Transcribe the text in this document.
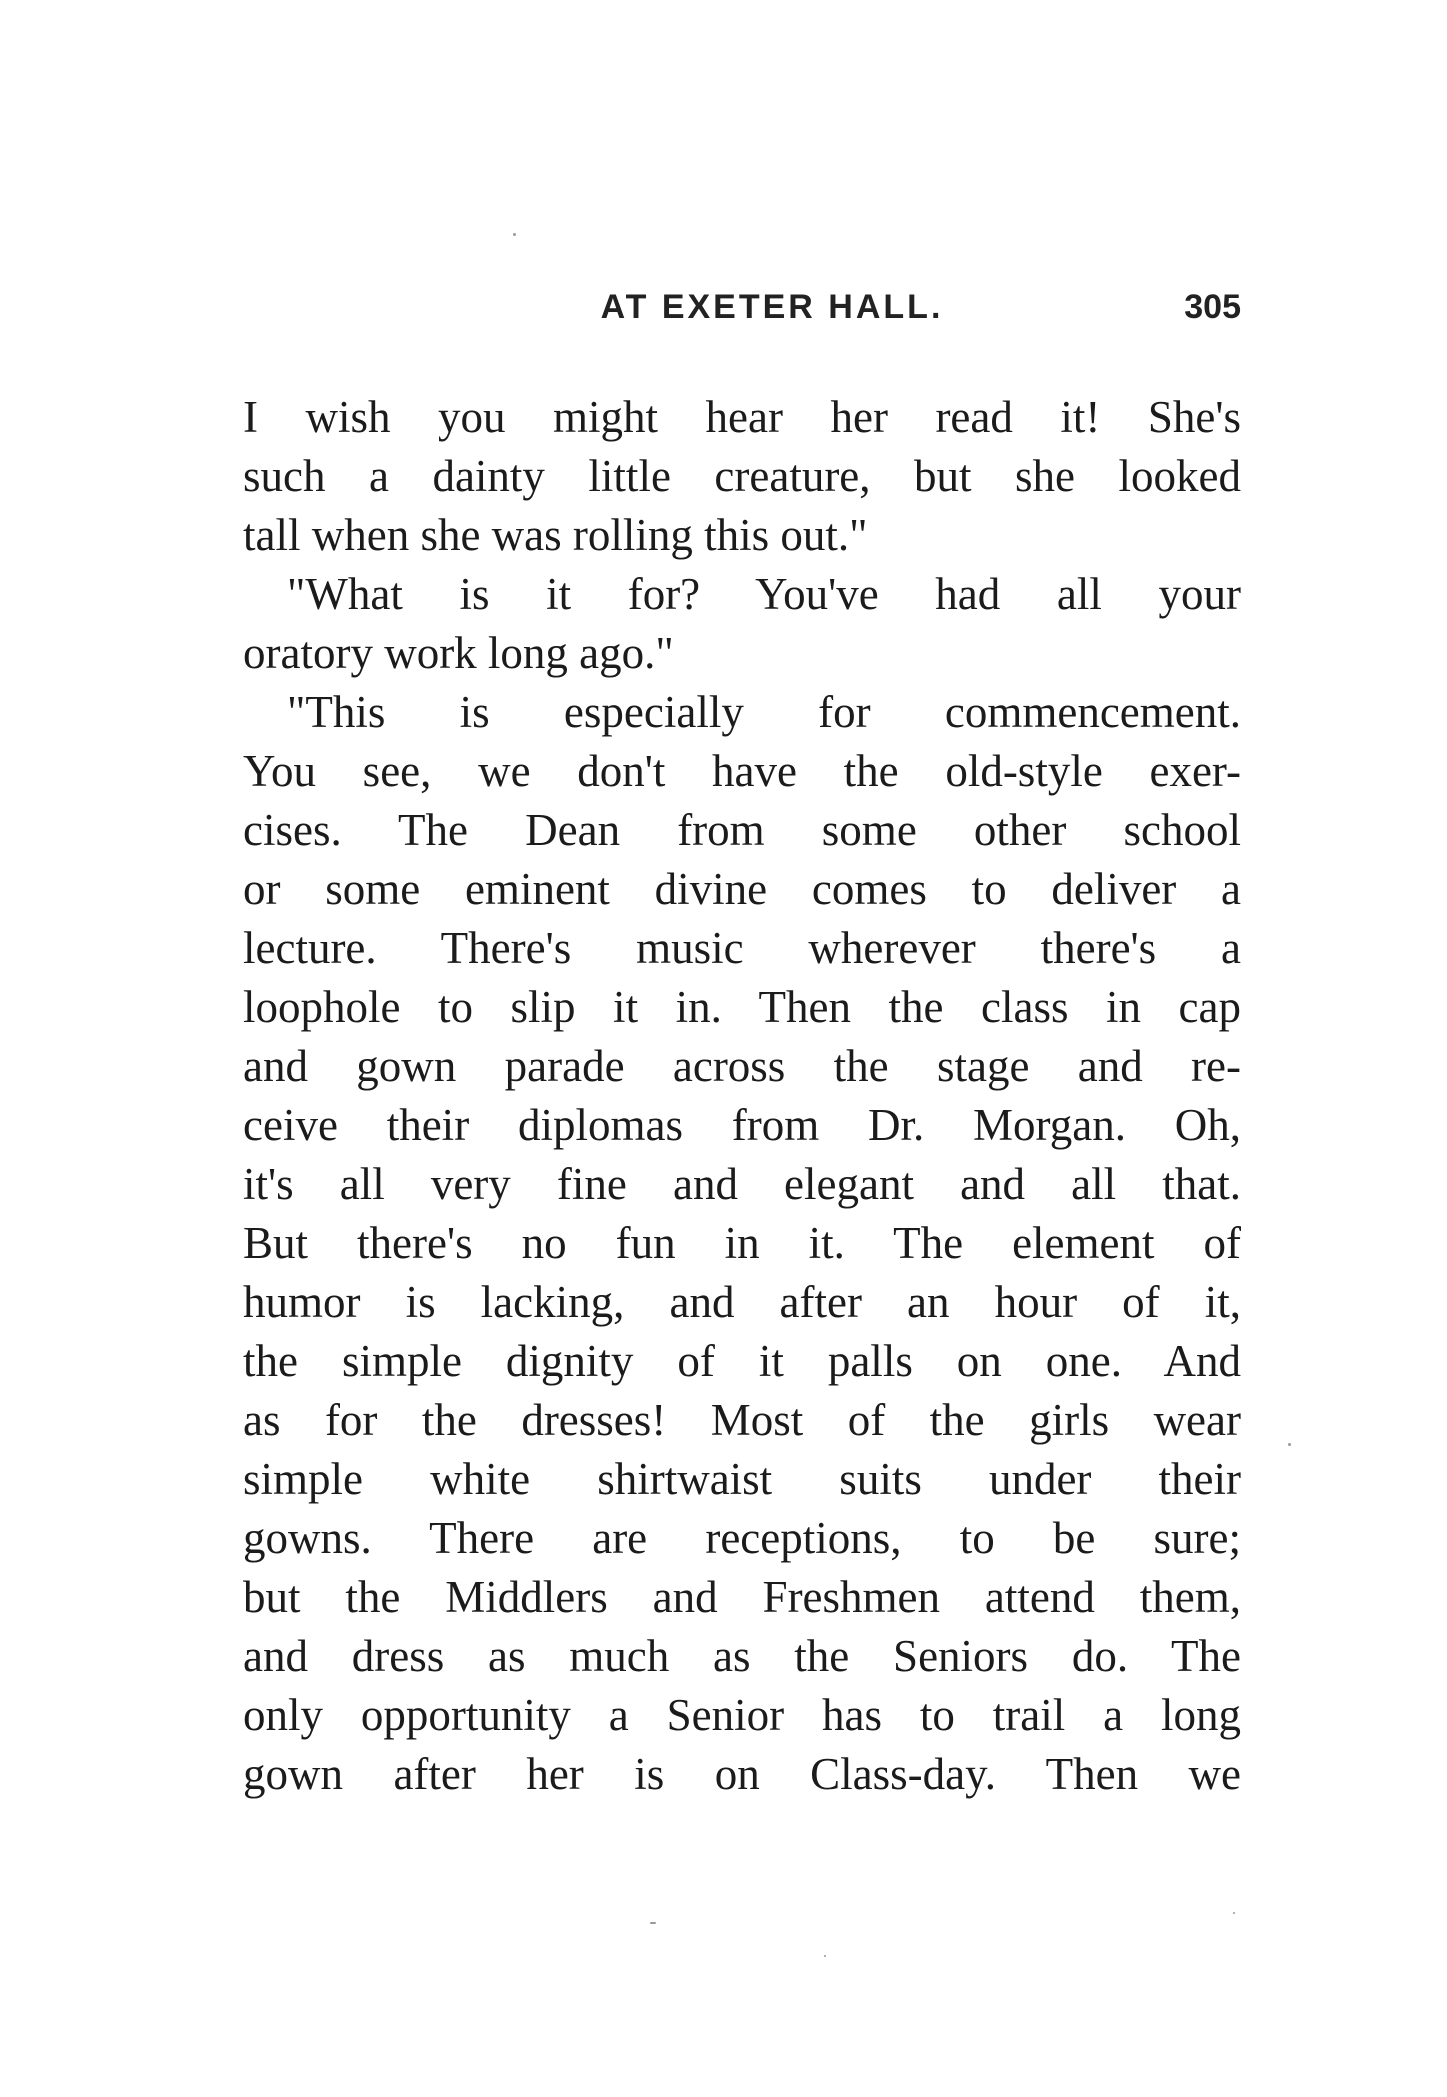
AT EXETER HALL.	305
I wish you might hear her read it! She's
such a dainty little creature, but she looked
tall when she was rolling this out."
"What is it for? You've had all your
oratory work long ago."
"This is especially for commencement.
You see, we don't have the old-style exer-
cises. The Dean from some other school
or some eminent divine comes to deliver a
lecture. There's music wherever there's a
loophole to slip it in. Then the class in cap
and gown parade across the stage and re-
ceive their diplomas from Dr. Morgan. Oh,
it's all very fine and elegant and all that.
But there's no fun in it. The element of
humor is lacking, and after an hour of it,
the simple dignity of it palls on one. And
as for the dresses! Most of the girls wear
simple white shirtwaist suits under their
gowns. There are receptions, to be sure;
but the Middlers and Freshmen attend them,
and dress as much as the Seniors do. The
only opportunity a Senior has to trail a long
gown after her is on Class-day. Then we
